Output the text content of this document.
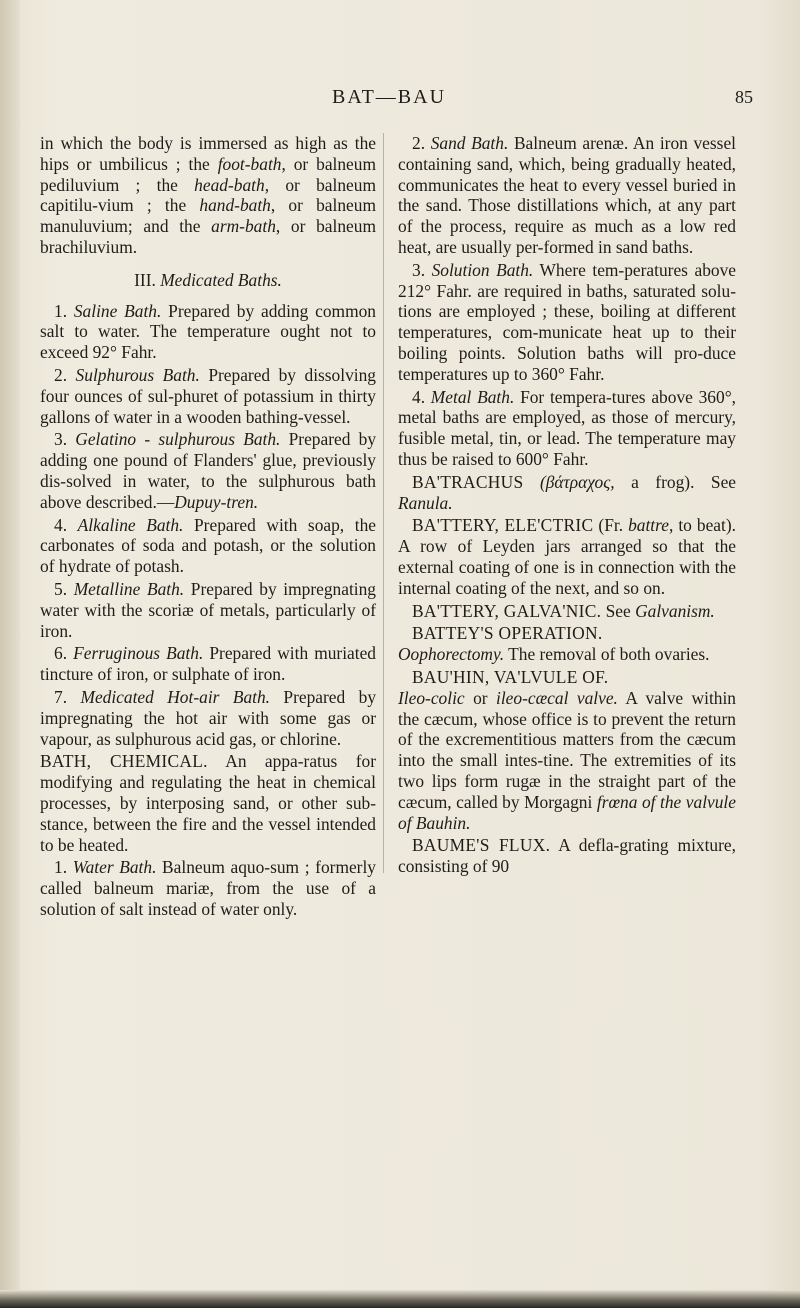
BAT—BAU	85

in which the body is immersed as high as the hips or umbilicus ; the foot-bath, or balneum pediluvium ; the head-bath, or balneum capitilu-vium ; the hand-bath, or balneum manuluvium; and the arm-bath, or balneum brachiluvium.

III. Medicated Baths.

1. Saline Bath. Prepared by adding common salt to water. The temperature ought not to exceed 92° Fahr.

2. Sulphurous Bath. Prepared by dissolving four ounces of sul-phuret of potassium in thirty gallons of water in a wooden bathing-vessel.

3. Gelatino - sulphurous Bath. Prepared by adding one pound of Flanders' glue, previously dis-solved in water, to the sulphurous bath above described.—Dupuy-tren.

4. Alkaline Bath. Prepared with soap, the carbonates of soda and potash, or the solution of hydrate of potash.

5. Metalline Bath. Prepared by impregnating water with the scoriæ of metals, particularly of iron.

6. Ferruginous Bath. Prepared with muriated tincture of iron, or sulphate of iron.

7. Medicated Hot-air Bath. Prepared by impregnating the hot air with some gas or vapour, as sulphurous acid gas, or chlorine.

BATH, CHEMICAL. An appa-ratus for modifying and regulating the heat in chemical processes, by interposing sand, or other sub-stance, between the fire and the vessel intended to be heated.

1. Water Bath. Balneum aquo-sum ; formerly called balneum mariæ, from the use of a solution of salt instead of water only.

2. Sand Bath. Balneum arenæ. An iron vessel containing sand, which, being gradually heated, communicates the heat to every vessel buried in the sand. Those distillations which, at any part of the process, require as much as a low red heat, are usually per-formed in sand baths.

3. Solution Bath. Where tem-peratures above 212° Fahr. are required in baths, saturated solu-tions are employed ; these, boiling at different temperatures, com-municate heat up to their boiling points. Solution baths will pro-duce temperatures up to 360° Fahr.

4. Metal Bath. For tempera-tures above 360°, metal baths are employed, as those of mercury, fusible metal, tin, or lead. The temperature may thus be raised to 600° Fahr.

BA'TRACHUS (βάτραχος, a frog). See Ranula.

BA'TTERY, ELE'CTRIC (Fr. battre, to beat). A row of Leyden jars arranged so that the external coating of one is in connection with the internal coating of the next, and so on.

BA'TTERY, GALVA'NIC. See Galvanism.

BATTEY'S OPERATION.
Oophorectomy. The removal of both ovaries.

BAU'HIN, VA'LVULE OF.
Ileo-colic or ileo-cæcal valve. A valve within the cæcum, whose office is to prevent the return of the excrementitious matters from the cæcum into the small intes-tine. The extremities of its two lips form rugæ in the straight part of the cæcum, called by Morgagni frœna of the valvule of Bauhin.

BAUME'S FLUX. A defla-grating mixture, consisting of 90
